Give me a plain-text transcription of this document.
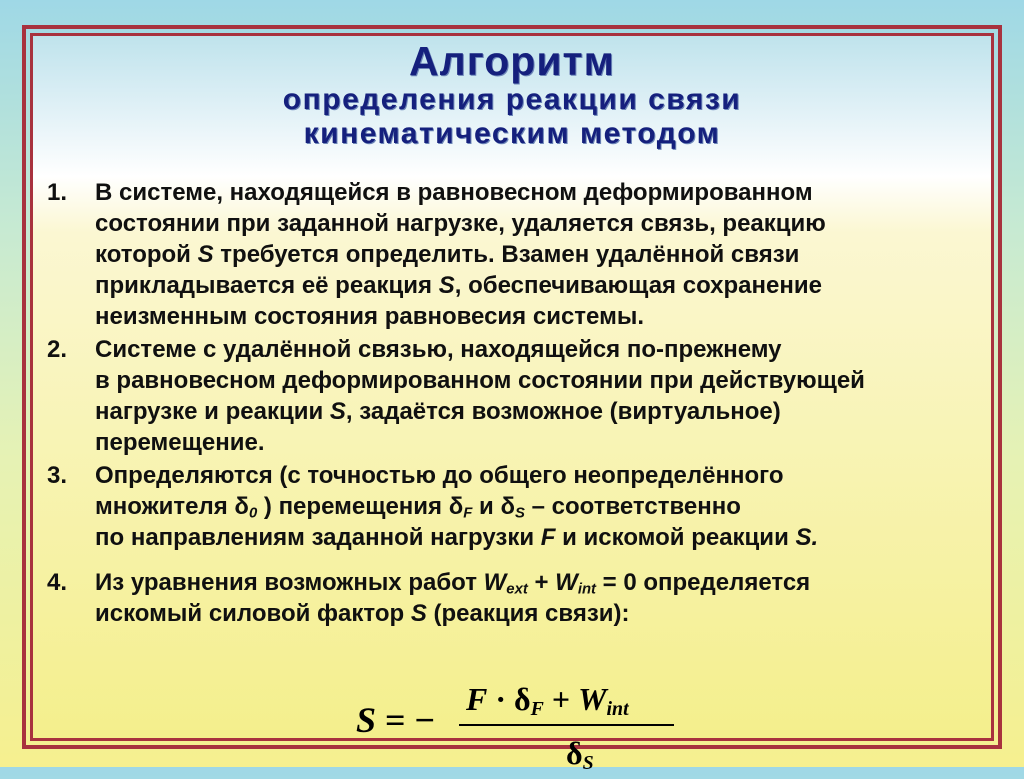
Алгоритм
определения реакции связи
кинематическим методом
1.	В системе, находящейся в равновесном деформированном
состоянии при заданной нагрузке, удаляется связь, реакцию
которой S требуется определить. Взамен удалённой связи
прикладывается её реакция S, обеспечивающая сохранение
неизменным состояния равновесия системы.
2.	Системе с удалённой связью, находящейся по-прежнему
в равновесном деформированном состоянии при действующей
нагрузке и реакции S, задаётся возможное (виртуальное)
перемещение.
3.	Определяются (с точностью до общего неопределённого
множителя $\delta_0$ ) перемещения $\delta_F$ и $\delta_S$ – соответственно
по направлениям заданной нагрузки F и искомой реакции S.
4.	Из уравнения возможных работ $W_{ext} + W_{int} = 0$ определяется
искомый силовой фактор S (реакция связи):
S = −
$F \cdot \delta_F + W_{int}$
$\delta_S$
